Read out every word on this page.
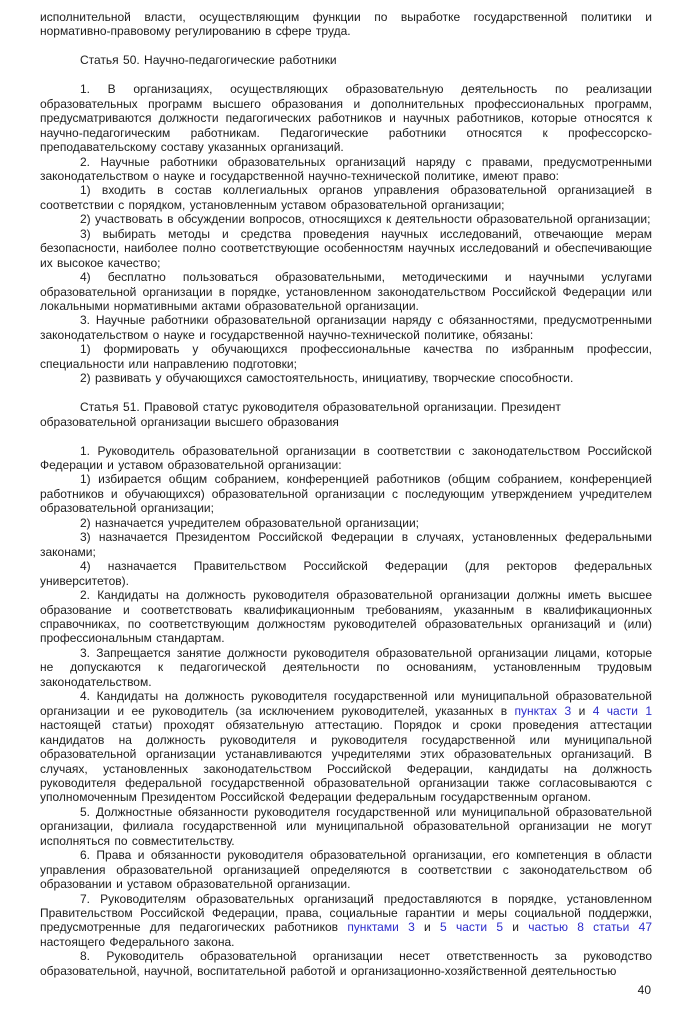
исполнительной власти, осуществляющим функции по выработке государственной политики и нормативно-правовому регулированию в сфере труда.

Статья 50. Научно-педагогические работники

1. В организациях, осуществляющих образовательную деятельность по реализации образовательных программ высшего образования и дополнительных профессиональных программ, предусматриваются должности педагогических работников и научных работников, которые относятся к научно-педагогическим работникам. Педагогические работники относятся к профессорско-преподавательскому составу указанных организаций.

2. Научные работники образовательных организаций наряду с правами, предусмотренными законодательством о науке и государственной научно-технической политике, имеют право:

1) входить в состав коллегиальных органов управления образовательной организацией в соответствии с порядком, установленным уставом образовательной организации;

2) участвовать в обсуждении вопросов, относящихся к деятельности образовательной организации;

3) выбирать методы и средства проведения научных исследований, отвечающие мерам безопасности, наиболее полно соответствующие особенностям научных исследований и обеспечивающие их высокое качество;

4) бесплатно пользоваться образовательными, методическими и научными услугами образовательной организации в порядке, установленном законодательством Российской Федерации или локальными нормативными актами образовательной организации.

3. Научные работники образовательной организации наряду с обязанностями, предусмотренными законодательством о науке и государственной научно-технической политике, обязаны:

1) формировать у обучающихся профессиональные качества по избранным профессии, специальности или направлению подготовки;

2) развивать у обучающихся самостоятельность, инициативу, творческие способности.

Статья 51. Правовой статус руководителя образовательной организации. Президент образовательной организации высшего образования

1. Руководитель образовательной организации в соответствии с законодательством Российской Федерации и уставом образовательной организации:

1) избирается общим собранием, конференцией работников (общим собранием, конференцией работников и обучающихся) образовательной организации с последующим утверждением учредителем образовательной организации;

2) назначается учредителем образовательной организации;

3) назначается Президентом Российской Федерации в случаях, установленных федеральными законами;

4) назначается Правительством Российской Федерации (для ректоров федеральных университетов).

2. Кандидаты на должность руководителя образовательной организации должны иметь высшее образование и соответствовать квалификационным требованиям, указанным в квалификационных справочниках, по соответствующим должностям руководителей образовательных организаций и (или) профессиональным стандартам.

3. Запрещается занятие должности руководителя образовательной организации лицами, которые не допускаются к педагогической деятельности по основаниям, установленным трудовым законодательством.

4. Кандидаты на должность руководителя государственной или муниципальной образовательной организации и ее руководитель (за исключением руководителей, указанных в пунктах 3 и 4 части 1 настоящей статьи) проходят обязательную аттестацию. Порядок и сроки проведения аттестации кандидатов на должность руководителя и руководителя государственной или муниципальной образовательной организации устанавливаются учредителями этих образовательных организаций. В случаях, установленных законодательством Российской Федерации, кандидаты на должность руководителя федеральной государственной образовательной организации также согласовываются с уполномоченным Президентом Российской Федерации федеральным государственным органом.

5. Должностные обязанности руководителя государственной или муниципальной образовательной организации, филиала государственной или муниципальной образовательной организации не могут исполняться по совместительству.

6. Права и обязанности руководителя образовательной организации, его компетенция в области управления образовательной организацией определяются в соответствии с законодательством об образовании и уставом образовательной организации.

7. Руководителям образовательных организаций предоставляются в порядке, установленном Правительством Российской Федерации, права, социальные гарантии и меры социальной поддержки, предусмотренные для педагогических работников пунктами 3 и 5 части 5 и частью 8 статьи 47 настоящего Федерального закона.

8. Руководитель образовательной организации несет ответственность за руководство образовательной, научной, воспитательной работой и организационно-хозяйственной деятельностью

40
